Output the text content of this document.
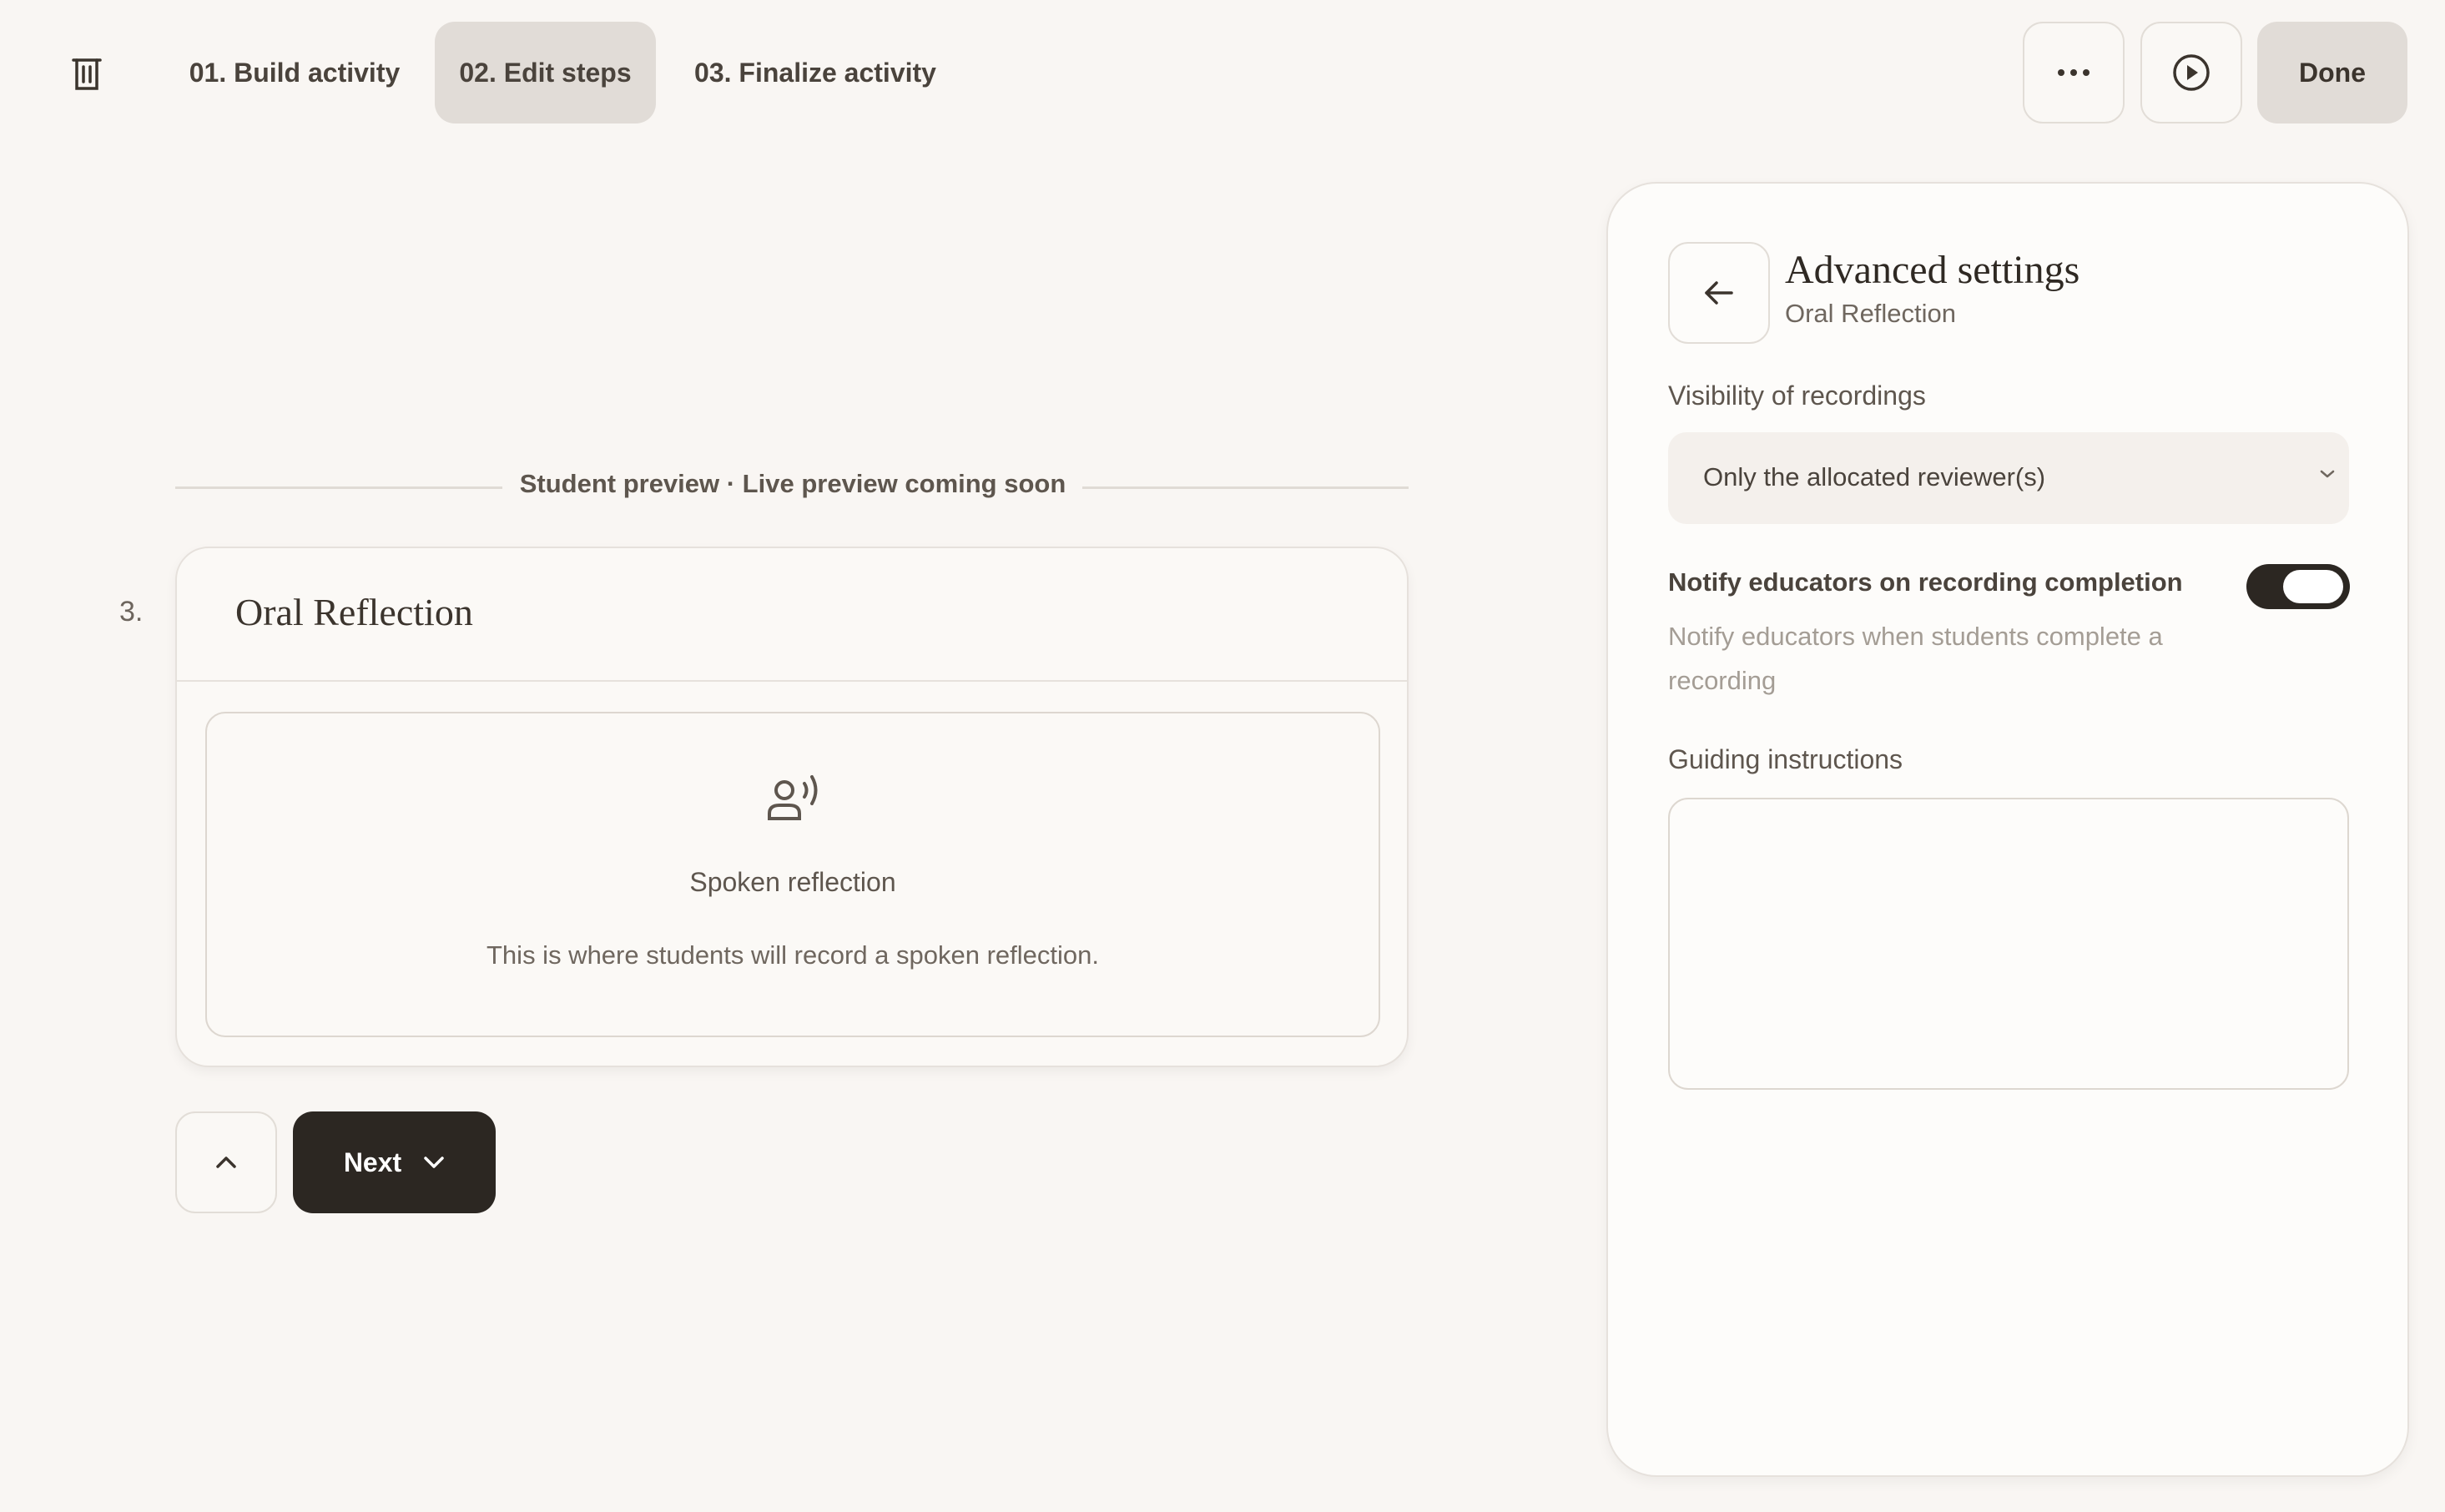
01. Build activity	02. Edit steps	03. Finalize activity	Done
Student preview · Live preview coming soon
3. Oral Reflection
Spoken reflection
This is where students will record a spoken reflection.
Next
Advanced settings
Oral Reflection
Visibility of recordings
Only the allocated reviewer(s)
Notify educators on recording completion
Notify educators when students complete a recording
Guiding instructions
